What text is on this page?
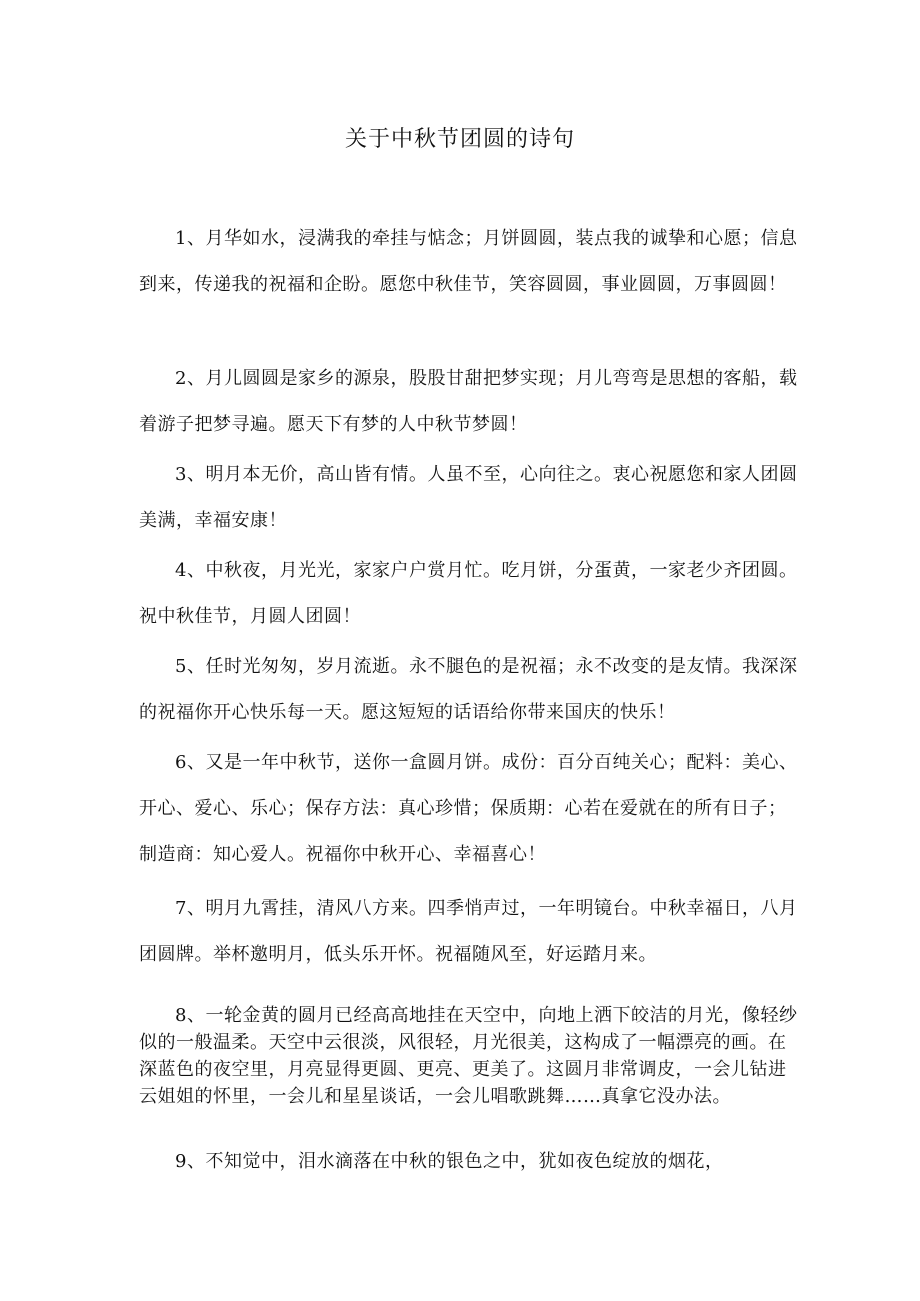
关于中秋节团圆的诗句

1、月华如水，浸满我的牵挂与惦念；月饼圆圆，装点我的诚挚和心愿；信息到来，传递我的祝福和企盼。愿您中秋佳节，笑容圆圆，事业圆圆，万事圆圆！

2、月儿圆圆是家乡的源泉，股股甘甜把梦实现；月儿弯弯是思想的客船，载着游子把梦寻遍。愿天下有梦的人中秋节梦圆！

3、明月本无价，高山皆有情。人虽不至，心向往之。衷心祝愿您和家人团圆美满，幸福安康！

4、中秋夜，月光光，家家户户赏月忙。吃月饼，分蛋黄，一家老少齐团圆。祝中秋佳节，月圆人团圆！

5、任时光匆匆，岁月流逝。永不腿色的是祝福；永不改变的是友情。我深深的祝福你开心快乐每一天。愿这短短的话语给你带来国庆的快乐！

6、又是一年中秋节，送你一盒圆月饼。成份：百分百纯关心；配料：美心、开心、爱心、乐心；保存方法：真心珍惜；保质期：心若在爱就在的所有日子；制造商：知心爱人。祝福你中秋开心、幸福喜心！

7、明月九霄挂，清风八方来。四季悄声过，一年明镜台。中秋幸福日，八月团圆牌。举杯邀明月，低头乐开怀。祝福随风至，好运踏月来。

8、一轮金黄的圆月已经高高地挂在天空中，向地上洒下皎洁的月光，像轻纱似的一般温柔。天空中云很淡，风很轻，月光很美，这构成了一幅漂亮的画。在深蓝色的夜空里，月亮显得更圆、更亮、更美了。这圆月非常调皮，一会儿钻进云姐姐的怀里，一会儿和星星谈话，一会儿唱歌跳舞……真拿它没办法。

9、不知觉中，泪水滴落在中秋的银色之中，犹如夜色绽放的烟花，
